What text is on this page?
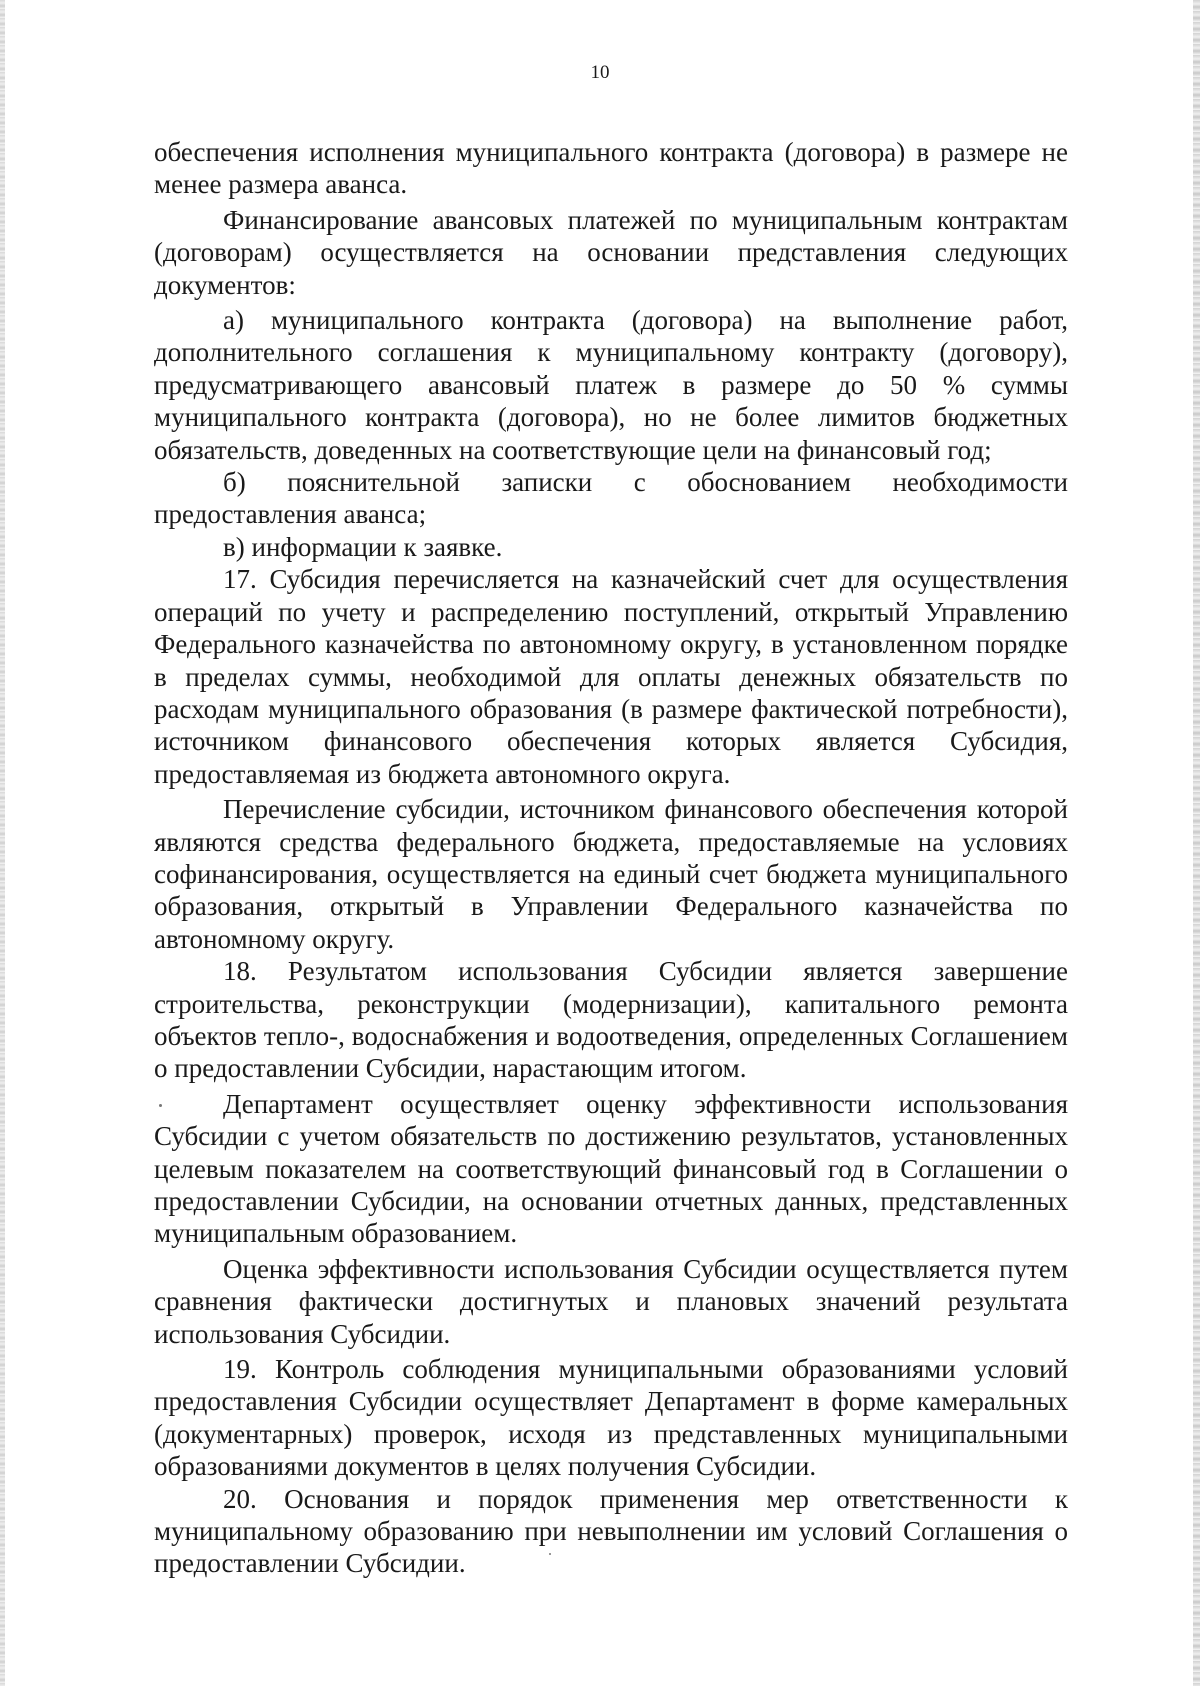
10

обеспечения исполнения муниципального контракта (договора) в размере не менее размера аванса.

Финансирование авансовых платежей по муниципальным контрактам (договорам) осуществляется на основании представления следующих документов:

а) муниципального контракта (договора) на выполнение работ, дополнительного соглашения к муниципальному контракту (договору), предусматривающего авансовый платеж в размере до 50 % суммы муниципального контракта (договора), но не более лимитов бюджетных обязательств, доведенных на соответствующие цели на финансовый год;

б) пояснительной записки с обоснованием необходимости предоставления аванса;

в) информации к заявке.

17. Субсидия перечисляется на казначейский счет для осуществления операций по учету и распределению поступлений, открытый Управлению Федерального казначейства по автономному округу, в установленном порядке в пределах суммы, необходимой для оплаты денежных обязательств по расходам муниципального образования (в размере фактической потребности), источником финансового обеспечения которых является Субсидия, предоставляемая из бюджета автономного округа.

Перечисление субсидии, источником финансового обеспечения которой являются средства федерального бюджета, предоставляемые на условиях софинансирования, осуществляется на единый счет бюджета муниципального образования, открытый в Управлении Федерального казначейства по автономному округу.

18. Результатом использования Субсидии является завершение строительства, реконструкции (модернизации), капитального ремонта объектов тепло-, водоснабжения и водоотведения, определенных Соглашением о предоставлении Субсидии, нарастающим итогом.

Департамент осуществляет оценку эффективности использования Субсидии с учетом обязательств по достижению результатов, установленных целевым показателем на соответствующий финансовый год в Соглашении о предоставлении Субсидии, на основании отчетных данных, представленных муниципальным образованием.

Оценка эффективности использования Субсидии осуществляется путем сравнения фактически достигнутых и плановых значений результата использования Субсидии.

19. Контроль соблюдения муниципальными образованиями условий предоставления Субсидии осуществляет Департамент в форме камеральных (документарных) проверок, исходя из представленных муниципальными образованиями документов в целях получения Субсидии.

20. Основания и порядок применения мер ответственности к муниципальному образованию при невыполнении им условий Соглашения о предоставлении Субсидии.
